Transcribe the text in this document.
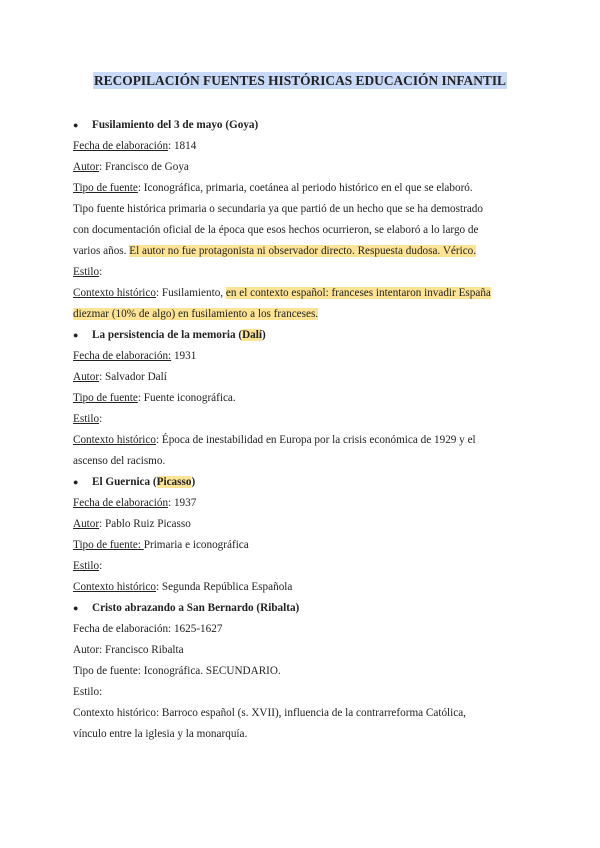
RECOPILACIÓN FUENTES HISTÓRICAS EDUCACIÓN INFANTIL
● Fusilamiento del 3 de mayo (Goya)
Fecha de elaboración: 1814
Autor: Francisco de Goya
Tipo de fuente: Iconográfica, primaria, coetánea al periodo histórico en el que se elaboró.
Tipo fuente histórica primaria o secundaria ya que partió de un hecho que se ha demostrado
con documentación oficial de la época que esos hechos ocurrieron, se elaboró a lo largo de
varios años. El autor no fue protagonista ni observador directo. Respuesta dudosa. Vérico.
Estilo:
Contexto histórico: Fusilamiento, en el contexto español: franceses intentaron invadir España
diezmar (10% de algo) en fusilamiento a los franceses.
● La persistencia de la memoria (Dalí)
Fecha de elaboración: 1931
Autor: Salvador Dalí
Tipo de fuente: Fuente iconográfica.
Estilo:
Contexto histórico: Época de inestabilidad en Europa por la crisis económica de 1929 y el
ascenso del racismo.
● El Guernica (Picasso)
Fecha de elaboración: 1937
Autor: Pablo Ruiz Picasso
Tipo de fuente: Primaria e iconográfica
Estilo:
Contexto histórico: Segunda República Española
● Cristo abrazando a San Bernardo (Ribalta)
Fecha de elaboración: 1625-1627
Autor: Francisco Ribalta
Tipo de fuente: Iconográfica. SECUNDARIO.
Estilo:
Contexto histórico: Barroco español (s. XVII), influencia de la contrarreforma Católica,
vínculo entre la iglesia y la monarquía.
